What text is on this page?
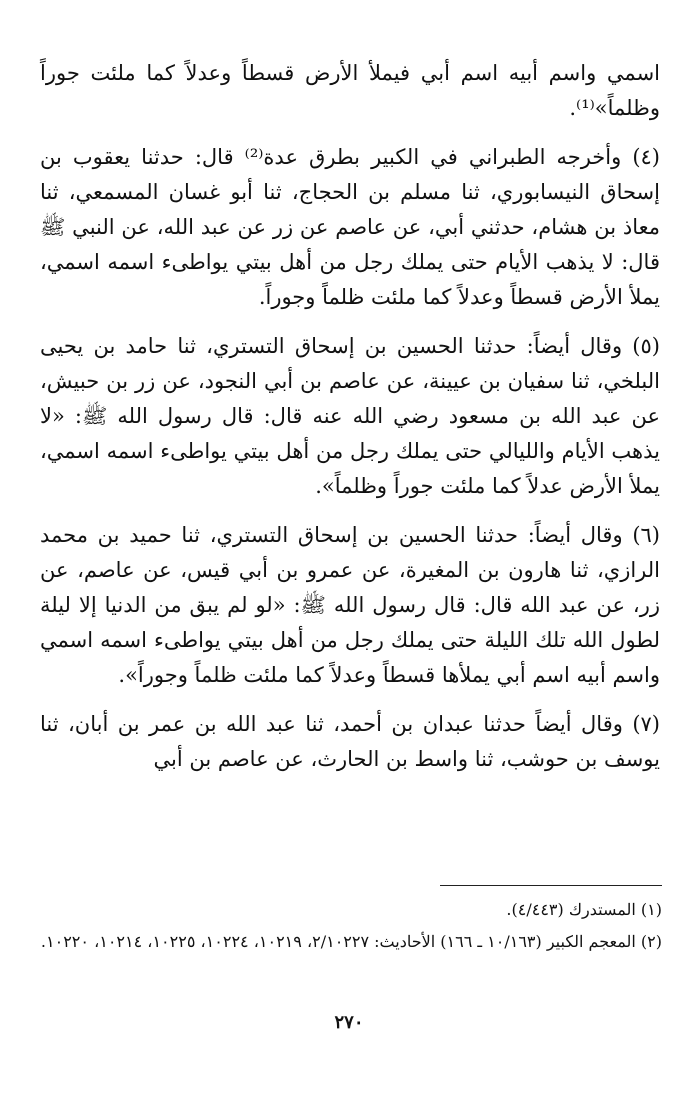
اسمي واسم أبيه اسم أبي فيملأ الأرض قسطاً وعدلاً كما ملئت جوراً وظلماً»⁽¹⁾.

(٤) وأخرجه الطبراني في الكبير بطرق عدة⁽²⁾ قال: حدثنا يعقوب بن إسحاق النيسابوري، ثنا مسلم بن الحجاج، ثنا أبو غسان المسمعي، ثنا معاذ بن هشام، حدثني أبي، عن عاصم عن زر عن عبد الله، عن النبي ﷺ قال: لا يذهب الأيام حتى يملك رجل من أهل بيتي يواطىء اسمه اسمي، يملأ الأرض قسطاً وعدلاً كما ملئت ظلماً وجوراً.

(٥) وقال أيضاً: حدثنا الحسين بن إسحاق التستري، ثنا حامد بن يحيى البلخي، ثنا سفيان بن عيينة، عن عاصم بن أبي النجود، عن زر بن حبيش، عن عبد الله بن مسعود رضي الله عنه قال: قال رسول الله ﷺ: «لا يذهب الأيام والليالي حتى يملك رجل من أهل بيتي يواطىء اسمه اسمي، يملأ الأرض عدلاً كما ملئت جوراً وظلماً».

(٦) وقال أيضاً: حدثنا الحسين بن إسحاق التستري، ثنا حميد بن محمد الرازي، ثنا هارون بن المغيرة، عن عمرو بن أبي قيس، عن عاصم، عن زر، عن عبد الله قال: قال رسول الله ﷺ: «لو لم يبق من الدنيا إلا ليلة لطول الله تلك الليلة حتى يملك رجل من أهل بيتي يواطىء اسمه اسمي واسم أبيه اسم أبي يملأها قسطاً وعدلاً كما ملئت ظلماً وجوراً».

(٧) وقال أيضاً حدثنا عبدان بن أحمد، ثنا عبد الله بن عمر بن أبان، ثنا يوسف بن حوشب، ثنا واسط بن الحارث، عن عاصم بن أبي

(١) المستدرك (٤/٤٤٣).

(٢) المعجم الكبير (١٠/١٦٣ ـ ١٦٦) الأحاديث: ٢/١٠٢٢٧، ١٠٢١٩، ١٠٢٢٤، ١٠٢٢٥، ١٠٢١٤، ١٠٢٢٠.

٢٧٠
